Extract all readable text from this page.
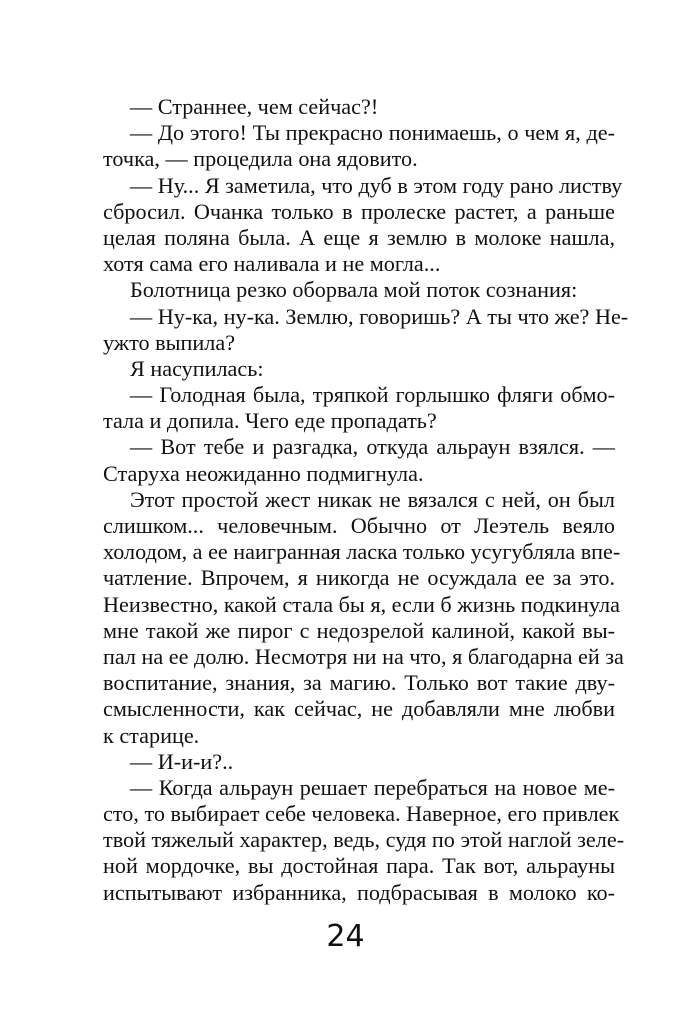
— Страннее, чем сейчас?!
— До этого! Ты прекрасно понимаешь, о чем я, де-
точка, — процедила она ядовито.
— Ну... Я заметила, что дуб в этом году рано листву
сбросил. Очанка только в пролеске растет, а раньше
целая поляна была. А еще я землю в молоке нашла,
хотя сама его наливала и не могла...
Болотница резко оборвала мой поток сознания:
— Ну-ка, ну-ка. Землю, говоришь? А ты что же? Не-
ужто выпила?
Я насупилась:
— Голодная была, тряпкой горлышко фляги обмо-
тала и допила. Чего еде пропадать?
— Вот тебе и разгадка, откуда альраун взялся. —
Старуха неожиданно подмигнула.
Этот простой жест никак не вязался с ней, он был
слишком... человечным. Обычно от Леэтель веяло
холодом, а ее наигранная ласка только усугубляла впе-
чатление. Впрочем, я никогда не осуждала ее за это.
Неизвестно, какой стала бы я, если б жизнь подкинула
мне такой же пирог с недозрелой калиной, какой вы-
пал на ее долю. Несмотря ни на что, я благодарна ей за
воспитание, знания, за магию. Только вот такие дву-
смысленности, как сейчас, не добавляли мне любви
к старице.
— И-и-и?..
— Когда альраун решает перебраться на новое ме-
сто, то выбирает себе человека. Наверное, его привлек
твой тяжелый характер, ведь, судя по этой наглой зеле-
ной мордочке, вы достойная пара. Так вот, альрауны
испытывают избранника, подбрасывая в молоко ко-
24
